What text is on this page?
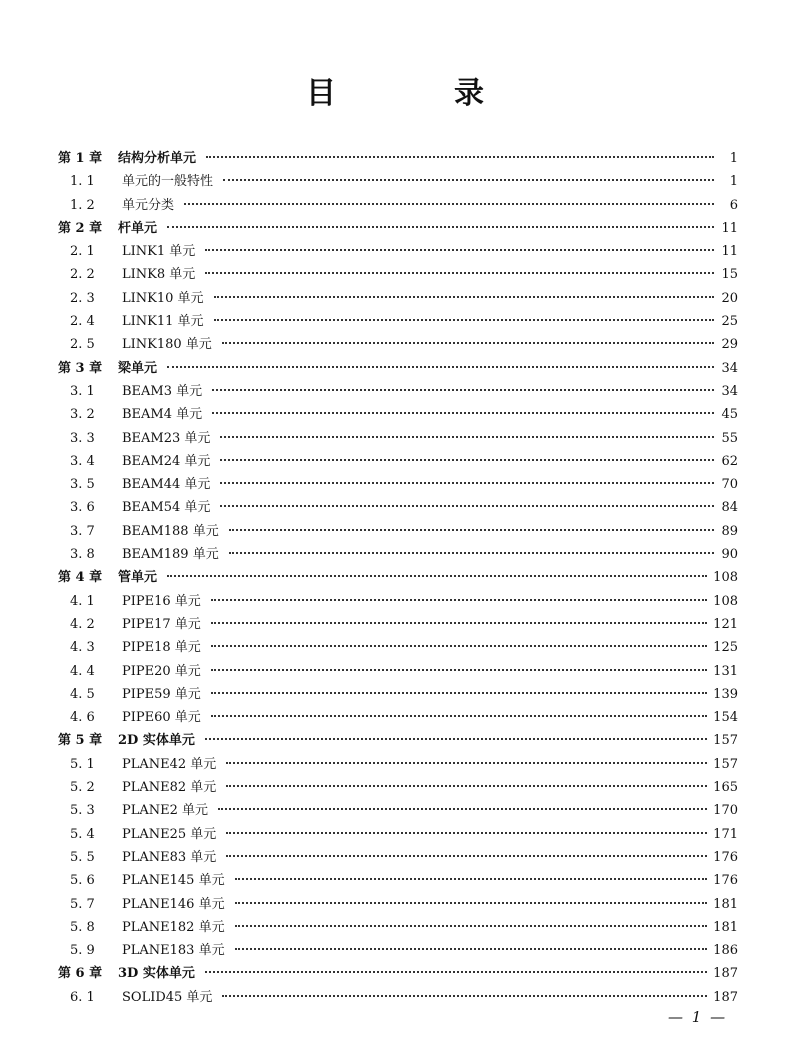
目　录
第 1 章	结构分析单元	1
1. 1	单元的一般特性	1
1. 2	单元分类	6
第 2 章	杆单元	11
2. 1	LINK1 单元	11
2. 2	LINK8 单元	15
2. 3	LINK10 单元	20
2. 4	LINK11 单元	25
2. 5	LINK180 单元	29
第 3 章	梁单元	34
3. 1	BEAM3 单元	34
3. 2	BEAM4 单元	45
3. 3	BEAM23 单元	55
3. 4	BEAM24 单元	62
3. 5	BEAM44 单元	70
3. 6	BEAM54 单元	84
3. 7	BEAM188 单元	89
3. 8	BEAM189 单元	90
第 4 章	管单元	108
4. 1	PIPE16 单元	108
4. 2	PIPE17 单元	121
4. 3	PIPE18 单元	125
4. 4	PIPE20 单元	131
4. 5	PIPE59 单元	139
4. 6	PIPE60 单元	154
第 5 章	2D 实体单元	157
5. 1	PLANE42 单元	157
5. 2	PLANE82 单元	165
5. 3	PLANE2 单元	170
5. 4	PLANE25 单元	171
5. 5	PLANE83 单元	176
5. 6	PLANE145 单元	176
5. 7	PLANE146 单元	181
5. 8	PLANE182 单元	181
5. 9	PLANE183 单元	186
第 6 章	3D 实体单元	187
6. 1	SOLID45 单元	187
— 1 —
